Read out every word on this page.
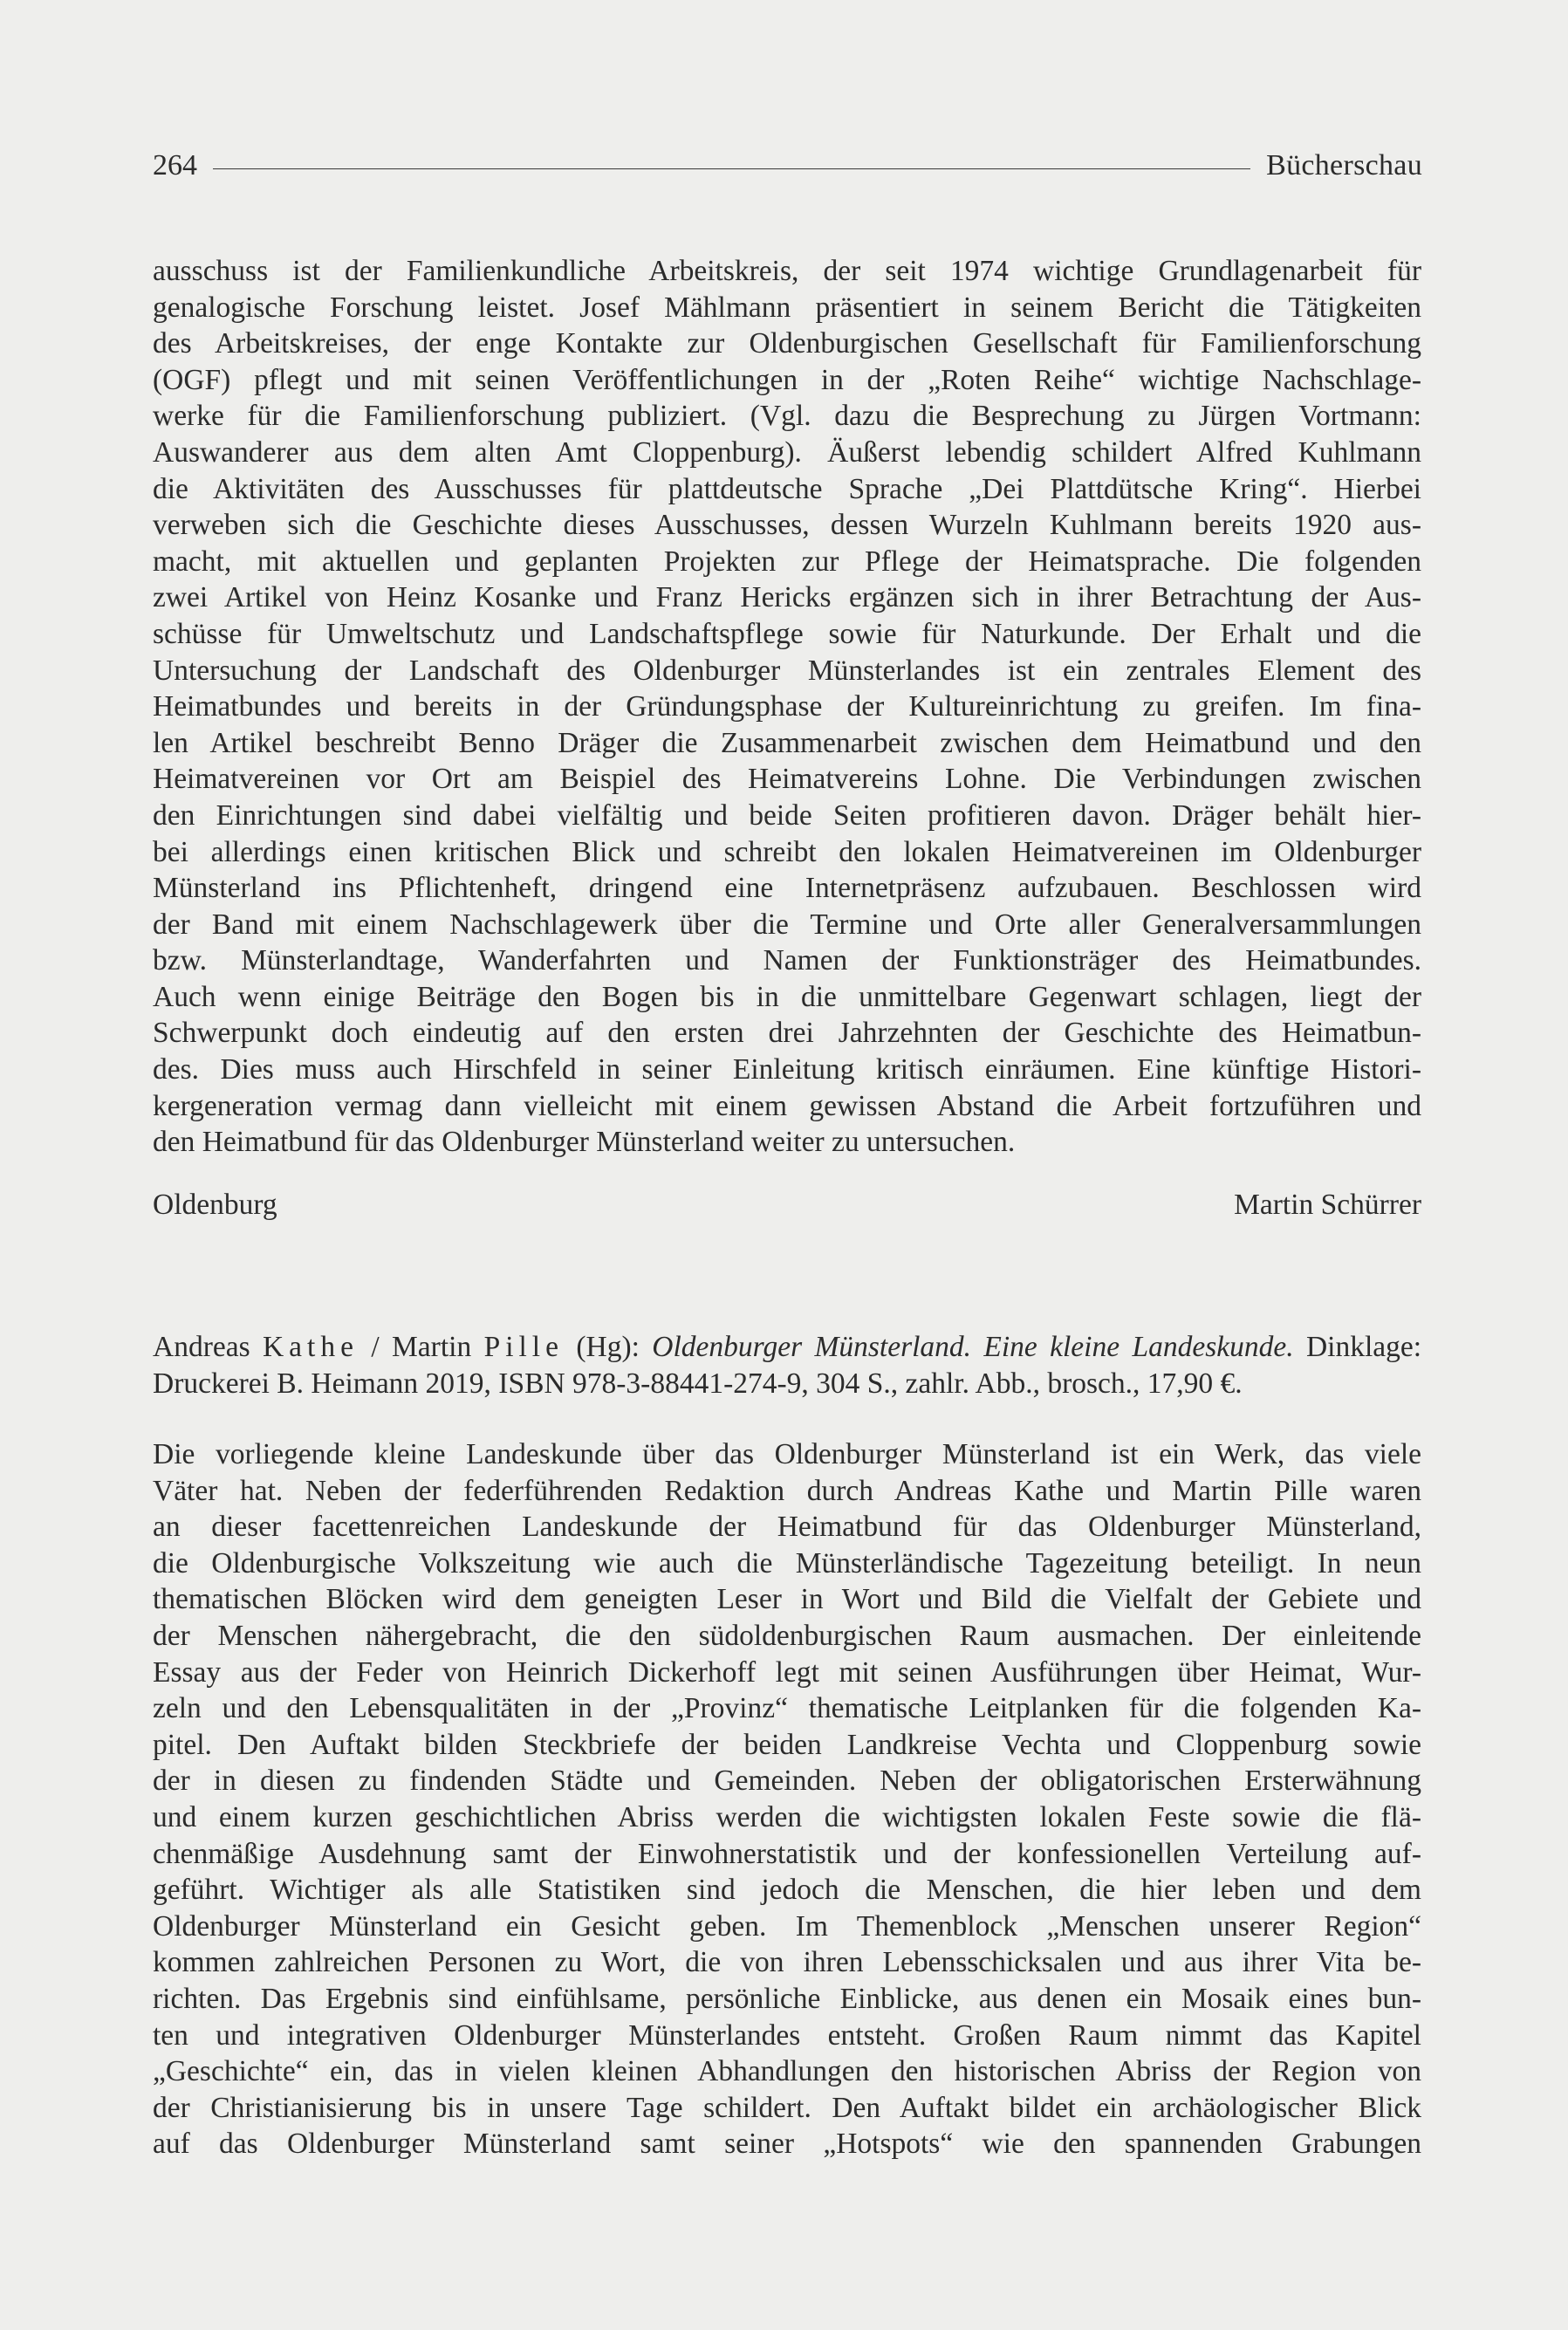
264	Bücherschau
ausschuss ist der Familienkundliche Arbeitskreis, der seit 1974 wichtige Grundlagenarbeit für
genalogische Forschung leistet. Josef Mählmann präsentiert in seinem Bericht die Tätigkeiten
des Arbeitskreises, der enge Kontakte zur Oldenburgischen Gesellschaft für Familienforschung
(OGF) pflegt und mit seinen Veröffentlichungen in der „Roten Reihe“ wichtige Nachschlage-
werke für die Familienforschung publiziert. (Vgl. dazu die Besprechung zu Jürgen Vortmann:
Auswanderer aus dem alten Amt Cloppenburg). Äußerst lebendig schildert Alfred Kuhlmann
die Aktivitäten des Ausschusses für plattdeutsche Sprache „Dei Plattdütsche Kring“. Hierbei
verweben sich die Geschichte dieses Ausschusses, dessen Wurzeln Kuhlmann bereits 1920 aus-
macht, mit aktuellen und geplanten Projekten zur Pflege der Heimatsprache. Die folgenden
zwei Artikel von Heinz Kosanke und Franz Hericks ergänzen sich in ihrer Betrachtung der Aus-
schüsse für Umweltschutz und Landschaftspflege sowie für Naturkunde. Der Erhalt und die
Untersuchung der Landschaft des Oldenburger Münsterlandes ist ein zentrales Element des
Heimatbundes und bereits in der Gründungsphase der Kultureinrichtung zu greifen. Im fina-
len Artikel beschreibt Benno Dräger die Zusammenarbeit zwischen dem Heimatbund und den
Heimatvereinen vor Ort am Beispiel des Heimatvereins Lohne. Die Verbindungen zwischen
den Einrichtungen sind dabei vielfältig und beide Seiten profitieren davon. Dräger behält hier-
bei allerdings einen kritischen Blick und schreibt den lokalen Heimatvereinen im Oldenburger
Münsterland ins Pflichtenheft, dringend eine Internetpräsenz aufzubauen. Beschlossen wird
der Band mit einem Nachschlagewerk über die Termine und Orte aller Generalversammlungen
bzw. Münsterlandtage, Wanderfahrten und Namen der Funktionsträger des Heimatbundes.
Auch wenn einige Beiträge den Bogen bis in die unmittelbare Gegenwart schlagen, liegt der
Schwerpunkt doch eindeutig auf den ersten drei Jahrzehnten der Geschichte des Heimatbun-
des. Dies muss auch Hirschfeld in seiner Einleitung kritisch einräumen. Eine künftige Histori-
kergeneration vermag dann vielleicht mit einem gewissen Abstand die Arbeit fortzuführen und
den Heimatbund für das Oldenburger Münsterland weiter zu untersuchen.
Oldenburg	Martin Schürrer
Andreas Kathe / Martin Pille (Hg): Oldenburger Münsterland. Eine kleine Landeskunde. Dinklage:
Druckerei B. Heimann 2019, ISBN 978-3-88441-274-9, 304 S., zahlr. Abb., brosch., 17,90 €.
Die vorliegende kleine Landeskunde über das Oldenburger Münsterland ist ein Werk, das viele
Väter hat. Neben der federführenden Redaktion durch Andreas Kathe und Martin Pille waren
an dieser facettenreichen Landeskunde der Heimatbund für das Oldenburger Münsterland,
die Oldenburgische Volkszeitung wie auch die Münsterländische Tagezeitung beteiligt. In neun
thematischen Blöcken wird dem geneigten Leser in Wort und Bild die Vielfalt der Gebiete und
der Menschen nähergebracht, die den südoldenburgischen Raum ausmachen. Der einleitende
Essay aus der Feder von Heinrich Dickerhoff legt mit seinen Ausführungen über Heimat, Wur-
zeln und den Lebensqualitäten in der „Provinz“ thematische Leitplanken für die folgenden Ka-
pitel. Den Auftakt bilden Steckbriefe der beiden Landkreise Vechta und Cloppenburg sowie
der in diesen zu findenden Städte und Gemeinden. Neben der obligatorischen Ersterwähnung
und einem kurzen geschichtlichen Abriss werden die wichtigsten lokalen Feste sowie die flä-
chenmäßige Ausdehnung samt der Einwohnerstatistik und der konfessionellen Verteilung auf-
geführt. Wichtiger als alle Statistiken sind jedoch die Menschen, die hier leben und dem
Oldenburger Münsterland ein Gesicht geben. Im Themenblock „Menschen unserer Region“
kommen zahlreichen Personen zu Wort, die von ihren Lebensschicksalen und aus ihrer Vita be-
richten. Das Ergebnis sind einfühlsame, persönliche Einblicke, aus denen ein Mosaik eines bun-
ten und integrativen Oldenburger Münsterlandes entsteht. Großen Raum nimmt das Kapitel
„Geschichte“ ein, das in vielen kleinen Abhandlungen den historischen Abriss der Region von
der Christianisierung bis in unsere Tage schildert. Den Auftakt bildet ein archäologischer Blick
auf das Oldenburger Münsterland samt seiner „Hotspots“ wie den spannenden Grabungen
